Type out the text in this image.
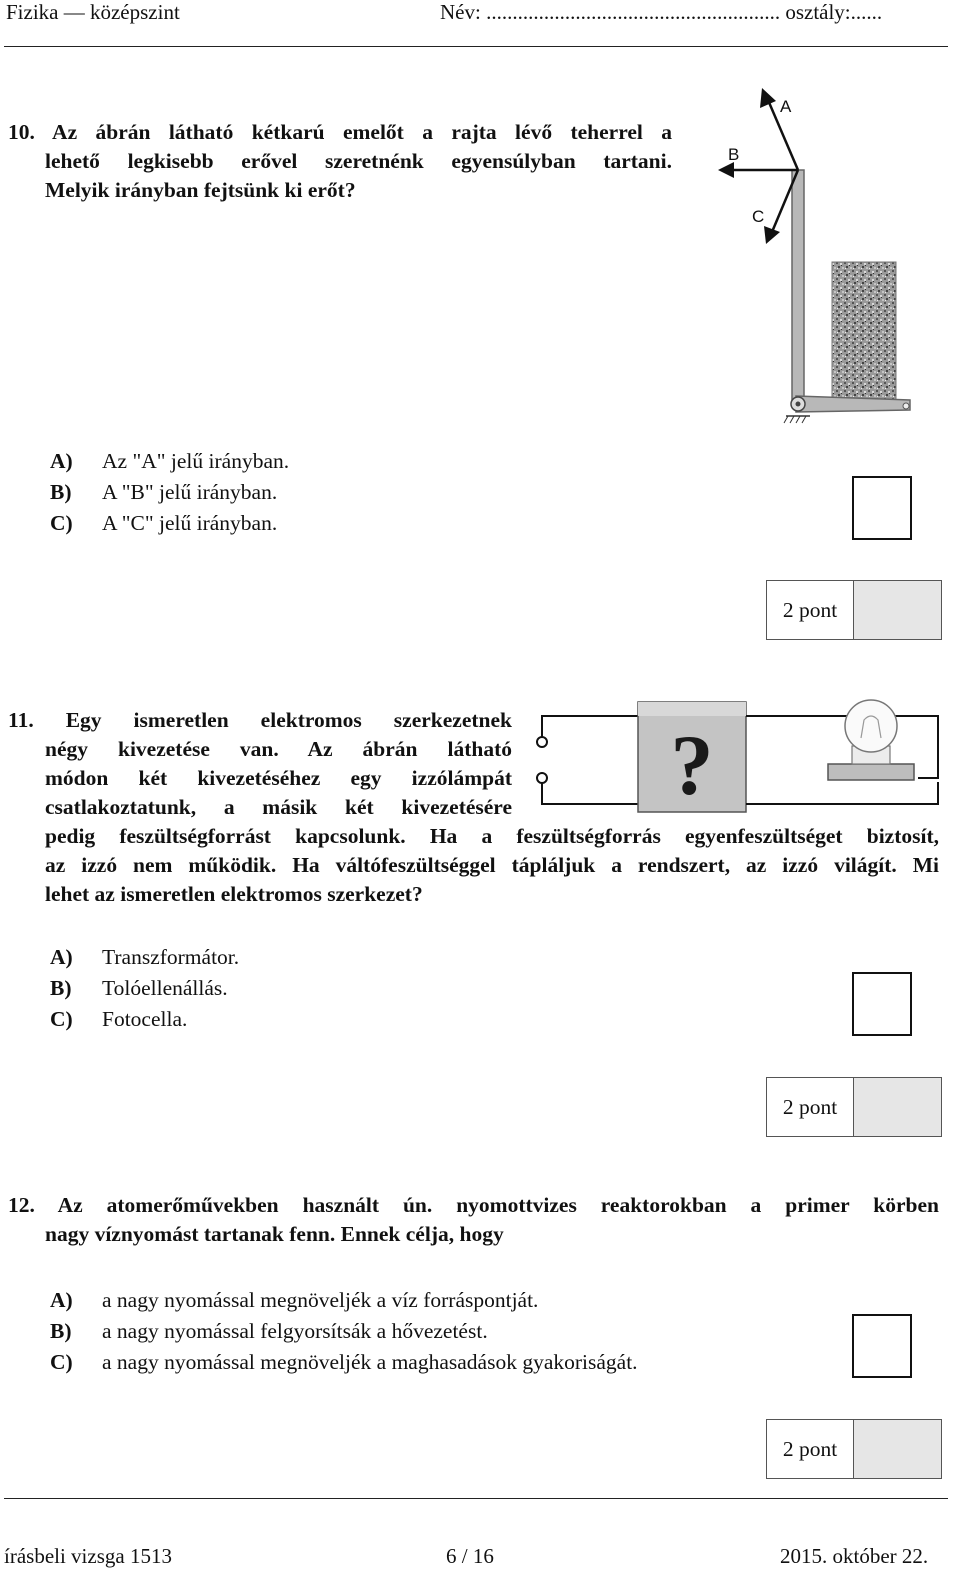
Fizika — középszint	Név: ........................................................ osztály:......
10. Az ábrán látható kétkarú emelőt a rajta lévő teherrel a
lehető legkisebb erővel szeretnénk egyensúlyban tartani.
Melyik irányban fejtsünk ki erőt?
A
B
C
A) Az "A" jelű irányban.
B) A "B" jelű irányban.
C) A "C" jelű irányban.
2 pont
11. Egy ismeretlen elektromos szerkezetnek
négy kivezetése van. Az ábrán látható
módon két kivezetéséhez egy izzólámpát
csatlakoztatunk, a másik két kivezetésére ?
pedig feszültségforrást kapcsolunk. Ha a feszültségforrás egyenfeszültséget biztosít,
az izzó nem működik. Ha váltófeszültséggel tápláljuk a rendszert, az izzó világít. Mi
lehet az ismeretlen elektromos szerkezet?
A) Transzformátor.
B) Tolóellenállás.
C) Fotocella.
2 pont
12. Az atomerőművekben használt ún. nyomottvizes reaktorokban a primer körben
nagy víznyomást tartanak fenn. Ennek célja, hogy
A) a nagy nyomással megnöveljék a víz forráspontját.
B) a nagy nyomással felgyorsítsák a hővezetést.
C) a nagy nyomással megnöveljék a maghasadások gyakoriságát.
2 pont
írásbeli vizsga 1513	6 / 16	2015. október 22.
